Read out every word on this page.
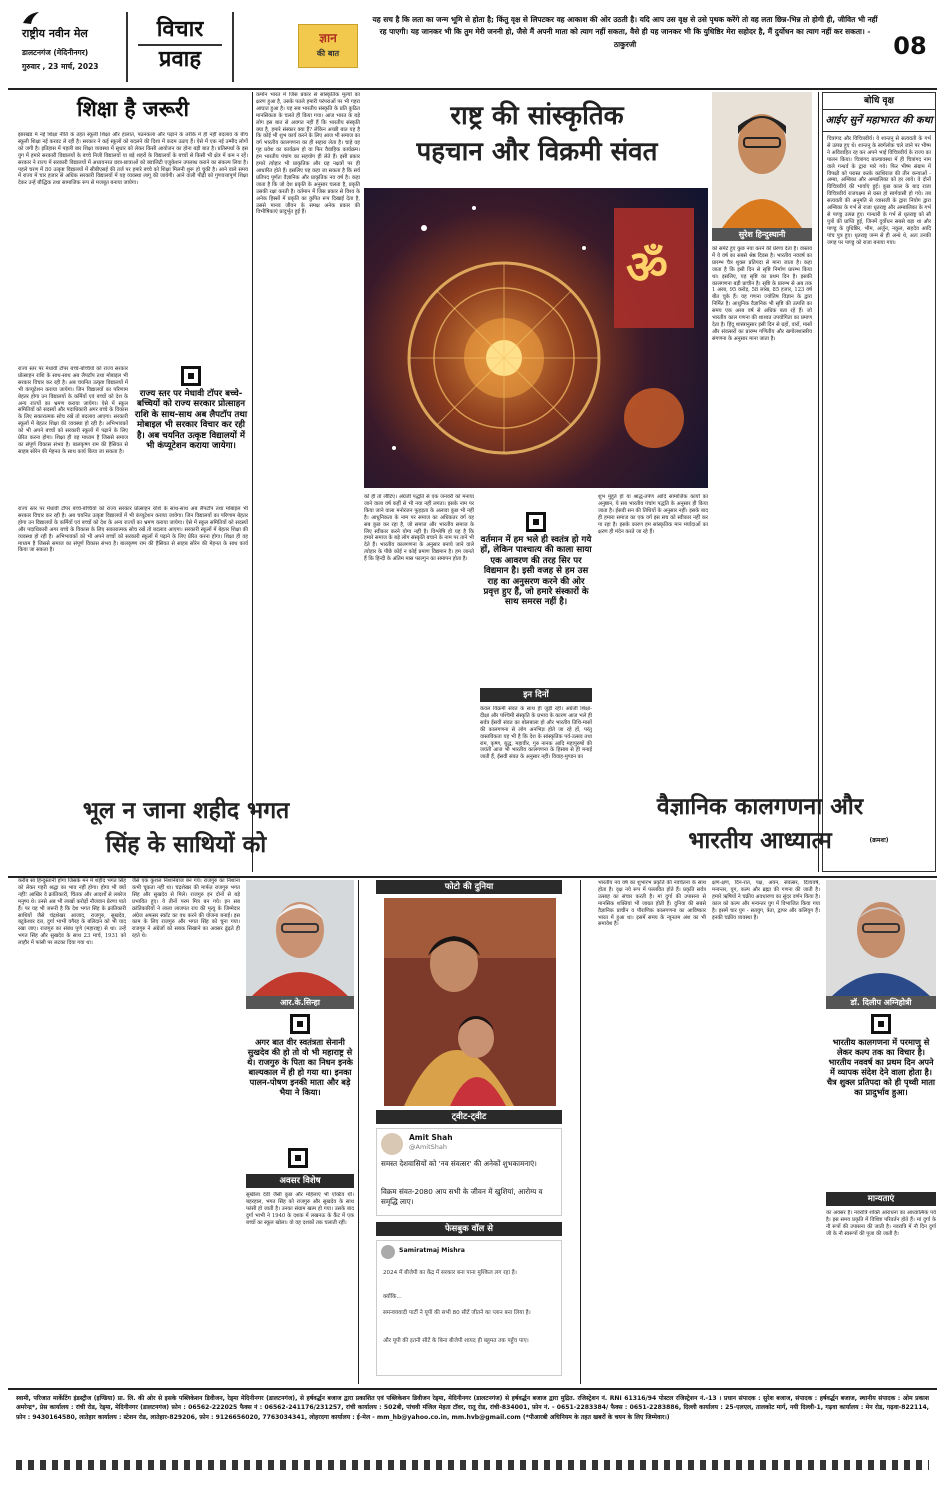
राष्ट्रीय नवीन मेल
डालटनगंज (मेदिनीनगर)
गुरुवार , 23 मार्च, 2023
विचार
प्रवाह
ज्ञान
की बात
यह सच है कि लता का जन्म भूमि से होता है; किंतु वृक्ष से लिपटकर वह आकाश की ओर उठती है। यदि आप उस वृक्ष से उसे पृथक करेंगे तो वह लता छिन्न-भिन्न तो होगी ही, जीवित भी नहीं रह पाएगी। यह जानकर भी कि तुम मेरी जननी हो, जैसे मैं अपनी माता को त्याग नहीं सकता, वैसे ही यह जानकर भी कि युधिष्ठिर मेरा सहोदर है, मैं दुर्योधन का त्याग नहीं कर सकता। - ठाकुरजी	08
शिक्षा है जरूरी
झारखंड में नई शिक्षा नीति के तहत स्कूली शिक्षा और हालात, पठनकला और पढ़ाने के तरीके में ही नहीं बदलाव के बीच स्कूली शिक्षा नई करवट ले रही है। सरकार ने कई स्कूलों को बदलने की दिशा में कदम उठाए हैं। ऐसे में एक नई उम्मीद लोगों को जगी है। इतिहास में पहली बार शिक्षा व्यवस्था में सुधार को लेकर किसी आयोजन का होना बड़ी बात है। प्रतिस्पर्धा के इस युग में हमारे सरकारी विद्यालयों के बच्चे निजी विद्यालयों या बड़े शहरों के विद्यालयों के बच्चों से किसी भी क्षेत्र में कम न रहें। सरकार ने राज्य में सरकारी विद्यालयों में अध्ययनरत छात्र-छात्राओं को क्वालिटी एजुकेशन उपलब्ध कराने का संकल्प लिया है। पहले चरण में 80 उत्कृष्ट विद्यालयों में सीबीएसई की तर्ज पर हमारे बच्चे को शिक्षा मिलनी शुरू हो चुकी है। आने वाले समय में राज्य में चार हजार से अधिक सरकारी विद्यालयों में यह व्यवस्था लागू की जायेगी। आने वाली पीढ़ी को गुणवत्तापूर्ण शिक्षा देकर उन्हें बौद्धिक तथा सामाजिक रूप से मजबूत बनाया जायेगा।
राज्य स्तर पर मेधावी टॉपर बच्चे-बच्चियों को राज्य सरकार प्रोत्साहन राशि के साथ-साथ अब लैपटॉप तथा मोबाइल भी सरकार विचार कर रही है। अब चयनित उत्कृष्ट विद्यालयों में भी कंप्यूटेशन कराया जायेगा। जिन विद्यालयों का परिणाम बेहतर होगा उन विद्यालयों के कर्मियों एवं बच्चों को देश के अन्य राज्यों का भ्रमण कराया जायेगा। ऐसे में स्कूल समितियों को सदस्यों और पदाधिकारी अगर बच्चे के विकास के लिए सकारात्मक सोच रखें तो बदलाव आएगा। सरकारी स्कूलों में बेहतर शिक्षा की व्यवस्था हो रही है। अभिभावकों को भी अपने बच्चों को सरकारी स्कूलों में पढ़ाने के लिए प्रेरित करना होगा। शिक्षा ही वह माध्यम है जिससे समाज का संपूर्ण विकास संभव है। बालकृष्ण राम की हैसियत से साहब सोरेन की मेहनत के साथ कार्य किया जा सकता है।
राज्य स्तर पर मेधावी टॉपर बच्चे-बच्चियों को राज्य सरकार प्रोत्साहन राशि के साथ-साथ अब लैपटॉप तथा मोबाइल भी सरकार विचार कर रही है। अब चयनित उत्कृष्ट विद्यालयों में भी कंप्यूटेशन कराया जायेगा।
राज्य स्तर पर मेधावी टॉपर बच्चे-बच्चियों को राज्य सरकार प्रोत्साहन राशि के साथ-साथ अब लैपटॉप तथा मोबाइल भी सरकार विचार कर रही है। अब चयनित उत्कृष्ट विद्यालयों में भी कंप्यूटेशन कराया जायेगा। जिन विद्यालयों का परिणाम बेहतर होगा उन विद्यालयों के कर्मियों एवं बच्चों को देश के अन्य राज्यों का भ्रमण कराया जायेगा। ऐसे में स्कूल समितियों को सदस्यों और पदाधिकारी अगर बच्चे के विकास के लिए सकारात्मक सोच रखें तो बदलाव आएगा। सरकारी स्कूलों में बेहतर शिक्षा की व्यवस्था हो रही है। अभिभावकों को भी अपने बच्चों को सरकारी स्कूलों में पढ़ाने के लिए प्रेरित करना होगा। शिक्षा ही वह माध्यम है जिससे समाज का संपूर्ण विकास संभव है। बालकृष्ण राम की हैसियत से साहब सोरेन की मेहनत के साथ कार्य किया जा सकता है।
कर्मान भारत में जिस प्रकार से सांस्कृतिक मूल्यों का क्षरण हुआ है, उसके पतले हमारी परंपराओं पर भी गहरा आघात हुआ है। यह सब भारतीय संस्कृति के प्रति कुठित मानसिकता के चलते ही किया गया। आज भारत के बड़े लोग इस बात से अवगत नहीं हैं कि भारतीय संस्कृति क्या है, हमारे संस्कार क्या हैं? लेकिन अच्छी बात यह है कि कोई भी शुभ कार्य करने के लिए आज भी समाज का वर्ग भारतीय कालगणना का ही सहारा लेता है। चाहे वह गृह प्रवेश का कार्यक्रम हो या फिर वैवाहिक कार्यक्रम। हम भारतीय पंचांग का सहयोग ही लेते हैं। इसी प्रकार हमारे त्योहार भी प्राकृतिक और ग्रह नक्षत्रों पर ही आधारित होते हैं। इसलिए यह कहा जा सकता है कि सर्व प्रतिपद पूर्णतः वैज्ञानिक और प्राकृतिक नव वर्ष है। कहा जाता है कि जो देश प्रकृति के अनुसार चलता है, प्रकृति उसकी रक्षा करती है। वर्तमान में जिस प्रकार से विश्व के अनेक हिस्सों में प्रकृति का कुपित रूप दिखाई देता है, उससे मानव जीवन के समक्ष अनेक प्रकार की विभीषिकाएं प्रादुर्भूत हुई हैं।
राष्ट्र की सांस्कृतिक
पहचान और विक्रमी संवत
ॐ
को ही तो लौटिए। अंग्रेजी पद्धति से एक जनवरी को मनाया जाने वाला वर्ष कहीं से भी नया नहीं लगता। इसके नाम पर किया जाने वाला मनोरंजन फूहड़ता के अलावा कुछ भी नहीं है। आधुनिकता के नाम पर समाज का अधिकतर वर्ग यह सब कुछ कर रहा है, जो समाज और भारतीय समाज के लिए स्वीकार करने योग्य नहीं है। विश्लेषि हो यह है कि हमारे समाज के बड़े लोग संस्कृति बचाने के नाम पर ताने भी देते हैं। भारतीय कालगणना के अनुसार बनाये जाने वाले त्योहार के पीछे कोई न कोई प्रमाण विद्यमान है। हम जानते हैं कि हिन्दी के अंतिम मास फाल्गुन का समापन होता है।
वर्तमान में हम भले ही स्वतंत्र हो गये हों, लेकिन पाश्चात्य की काला साया एक आवरण की तरह सिर पर विद्यमान है। इसी वजह से हम उस राह का अनुसरण करने की ओर प्रवृत्त हुए हैं, जो हमारे संस्कारों के साथ समरस नहीं है।
इन दिनों
केवल विक्रमी संवत के साथ ही जुड़ी रही। अंग्रेजी शिक्षा-दीक्षा और पश्चिमी संस्कृति के प्रभाव के कारण आज भले ही सर्वत्र ईसवी संवत का बोलबाला हो और भारतीय तिथि-मासों की कालगणना से लोग अनभिज्ञ होते जा रहे हों, परंतु वास्तविकता यह भी है कि देश के सांस्कृतिक पर्व-उत्सव तथा राम, कृष्ण, बुद्ध, महावीर, गुरु नानक आदि महापुरुषों की जयंती आज भी भारतीय कालगणना के हिसाब से ही मनाई जाती हैं, ईसवी संवत के अनुसार नहीं। विवाह-मुण्डन का
शुभ मुहूर्त हो या श्राद्ध-तर्पण आदि सामाजिक कार्यों का अनुष्ठान, ये सब भारतीय पंचांग पद्धति के अनुसार ही किया जाता है। ईसवी सन की तिथियों के अनुसार नहीं। इसके बाद ही हमारा समाज का एक वर्ग इस सच को स्वीकार नहीं कर पा रहा है। इसके कारण हम सांस्कृतिक मान मर्यादाओं का क्षरण ही मंदेन करते जा रहे हैं।
सुरेश हिन्दुस्थानी
को समेटे हुए कुछ नया करने की प्रेरणा देता है। वास्तव में ये वर्ष का सबसे श्रेष्ठ दिवस है। भारतीय नववर्ष का प्रारम्भ चैत्र शुक्ल प्रतिपदा से माना जाता है। कहा जाता है कि इसी दिन से सृष्टि निर्माण प्रारम्भ किया था। इसलिए, यह सृष्टि का प्रथम दिन है। इसकी कालगणना बड़ी प्राचीन है। सृष्टि के प्रारम्भ से अब तक 1 अरब, 95 करोड़, 58 लाख, 85 हजार, 123 वर्ष बीत चुके हैं। यह गणना ज्योतिष विज्ञान के द्वारा निर्मित है। आधुनिक वैज्ञानिक भी सृष्टि की उत्पत्ति का समय एक अरब वर्ष से अधिक बता रहे हैं। जो भारतीय काल गणना की शाश्वत उपयोगिता का प्रमाण देता है। हिंदू शास्त्रानुसार इसी दिन से ग्रहों, वारों, मासों और संवत्सरों का प्रारम्भ गणितीय और खगोलशास्त्रीय संगणना के अनुसार माना जाता है।
बोधि वृक्ष
आईए सुनें महाभारत की कथा
चित्रांगद और विचित्रवीर्य। ये शान्तनु से सत्यवती के गर्भ से उत्पन्न हुए थे। शान्तनु के स्वर्गलोक चले जाने पर भीष्म ने अविवाहित रह कर अपने भाई विचित्रवीर्य के राज्य का पालन किया। चित्रांगद बाल्यावस्था में ही चित्रांगद नाम वाले गन्धर्व के द्वारा मारे गये। फिर भीष्म संग्राम में विपक्षी को परास्त करके काशिराज की तीन कन्याओं - अम्बा, अम्बिका और अम्बालिका को हर लाये। वे दोनों विचित्रवीर्य की भार्याएं हुईं। कुछ काल के बाद राजा विचित्रवीर्य राजयक्ष्मा से ग्रस्त हो स्वर्गवासी हो गये। तब सत्यवती की अनुमति से व्यासजी के द्वारा नियोग द्वारा अम्बिका के गर्भ से राजा धृतराष्ट्र और अम्बालिका के गर्भ से पाण्डु उत्पन्न हुए। गान्धारी के गर्भ से धृतराष्ट्र को सौ पुत्रों की प्राप्ति हुई, जिनमें दुर्योधन सबसे बड़ा था और पाण्डु के युधिष्ठिर, भीम, अर्जुन, नकुल, सहदेव आदि पांच पुत्र हुए। धृतराष्ट्र जन्म से ही अन्धे थे, अतः उनकी जगह पर पाण्डु को राजा बनाया गया।
(क्रमशः)
भूल न जाना शहीद भगत
सिंह के साथियों को
करीब सा हिन्दुस्तानी होगा जिसके मन में शहीद भगत सिंह को लेकर गहरी श्रद्धा का भाव नहीं होगा। होगा भी क्यों नहीं! आखिर वे क्रांतिकारी, चिंतक और आदर्शों से लबरेज मनुष्य थे। उनसे अब भी लाखों करोड़ों नौजवान प्रेरणा पाते हैं। पर यह भी जरूरी है कि देश भगत सिंह के क्रांतिकारी साथियों जैसे चंद्रशेखर आजाद, राजगुरु, सुखदेव, बटुकेश्वर दत्त, दुर्गा भाभी वगैरह के बलिदान को भी याद रखा जाए। राजगुरु का संबंध पुणे (महाराष्ट्र) से था। उन्हें भगत सिंह और सुखदेव के साथ 23 मार्च, 1931 को लाहौर में फांसी पर लटका दिया गया था।
जैसे एक कुशल निशानेबाज बन गये। राजगुरु का निशाना कभी चूकता नहीं था। चंद्रशेखर की मार्फत राजगुरु भगत सिंह और सुखदेव से मिले। राजगुरु इन दोनों से बड़े प्रभावित हुए। ये तीनों परम मित्र बन गये। इन सब क्रांतिकारियों ने लाला लाजपत राय की मृत्यु के जिम्मेदार अंग्रेज अफसर स्कॉट का वध करने की योजना बनाई। इस काम के लिए राजगुरु और भगत सिंह को चुना गया। राजगुरु ने अंग्रेजों को सबक सिखाने का अवसर ढूंढ़ते ही रहते थे।
आर.के.सिन्हा
अगर बात वीर स्वतंत्रता सेनानी सुखदेव की हो तो वो भी महाराष्ट्र से थे। राजगुरु के पिता का निधन इनके बाल्यकाल में ही हो गया था। इनका पालन-पोषण इनकी माता और बड़े भैया ने किया।
अवसर विशेष
सुखीला देवी जैसी कुछ और महिलाएं भी एक्टिव थीं। बहरहाल, भगत सिंह को राजगुरु और सुखदेव के साथ फांसी हो जाती है। उनका संग्राम खत्म हो गया। उसके बाद दुर्गा भाभी ने 1940 के दशक में लखनऊ के कैंट में एक बच्चों का स्कूल खोला। वो वह दशकों तक चलाती रहीं।
फोटो की दुनिया
ट्वीट-ट्वीट
Amit Shah
@AmitShah
समस्त देशवासियों को 'नव संवत्सर' की अनेकों शुभकामनाएं।
विक्रम संवत-2080 आप सभी के जीवन में खुशियां, आरोग्य व समृद्धि लाए।
फेसबुक वॉल से
Samiratmaj Mishra
2024 में बीजेपी का केंद्र में सरकार बना पाना मुश्किल लग रहा है।
क्योंकि...
समन्वयवादी पार्टी ने यूपी की सभी 80 सीटें जीतने का प्लान बना लिया है।
और यूपी की इतनी सीटें के बिना बीजेपी शायद ही बहुमत तक पहुँच पाए।
वैज्ञानिक कालगणना और
भारतीय आध्यात्म
भारतीय नव वर्ष का शुभारंभ प्रकृति की नवचेतना के साथ होता है। वृक्ष नये रूप में पल्लवित होते हैं। प्रकृति सर्वत्र उत्साह का संचार करती है। मां दुर्गा की उपासना से मानसिक शक्तियां भी जाग्रत होती हैं। दुनिया की सबसे वैज्ञानिक प्राचीन व पौराणिक कालगणना का आविष्कार भारत में हुआ था। इसमें समय के न्यूनतम अंश का भी समावेश है।
क्षण-क्षण, दिन-रात, पक्ष, अयन, संवत्सर, दिव्यवर्ष, मन्वन्तर, युग, कल्प और ब्रह्मा की गणना की जाती है। हमारे ऋषियों ने चक्रीय अवधारणा का सुंदर वर्णन किया है। काल को कल्प और मन्वन्तर युग में विभाजित किया गया है। इसमें चार युग - सतयुग, त्रेता, द्वापर और कलियुग हैं। इनकी चक्रीय व्यवस्था है।
डॉ. दिलीप अग्निहोत्री
भारतीय कालगणना में परमाणु से लेकर कल्प तक का विचार है। भारतीय नववर्ष का प्रथम दिन अपने में व्यापक संदेश देने वाला होता है। चैत्र शुक्ल प्रतिपदा को ही पृथ्वी माता का प्रादुर्भाव हुआ।
मान्यताएं
का अवसर है। नवरात्रि शक्ति आराधना का आध्यात्मिक पर्व है। इस समय प्रकृति में विशिष्ट परिवर्तन होते हैं। मां दुर्गा के नौ रूपों की उपासना की जाती है। नवरात्रि में नौ दिन दुर्गा जी के नौ स्वरूपों की पूजा की जाती है।
स्वामी, परिजात मार्केटिंग इंडस्ट्रीज (इण्डिया) प्रा. लि. की ओर से इसके पब्लिकेशन डिवीजन, रेड्मा मेदिनीनगर (डालटनगंज), से हर्षवर्द्धन बजाज द्वारा प्रकाशित एवं पब्लिकेशन डिवीजन रेड्मा, मेदिनीनगर (डालटनगंज) से हर्षवर्द्धन बजाज द्वारा मुद्रित. रजिस्ट्रेशन नं. RNI 61316/94 पोस्टल रजिस्ट्रेशन नं.-13 । प्रधान संपादक : सुरेश बजाज, संपादक : हर्षवर्द्धन बजाज, स्थानीय संपादक : ओम प्रकाश अमरेन्द्र*, प्रेस कार्यालय : रांची रोड, रेड्मा, मेदिनीनगर (डालटनगंज) फ़ोन : 06562-222025 फैक्स नं : 06562-241176/231257, रांची कार्यालय : 502बी, पांचवी मंजिल मेहता टॉवर, रातू रोड, रांची-834001, फ़ोन नं. - 0651-2283384/ फैक्स : 0651-2283886, दिल्ली कार्यालय : 25-एलएल, तालकोट मार्ग, नयी दिल्ली-1, गढ़वा कार्यालय : मेन रोड, गढ़वा-822114, फ़ोन : 9430164580, लातेहार कार्यालय : स्टेशन रोड, लातेहार-829206, फ़ोन : 9126656020, 7763034341, लोहरदगा कार्यालय : ई-मेल - mm_hb@yahoo.co.in, mm.hvb@gmail.com (*पीआरबी अधिनियम के तहत खबरों के चयन के लिए जिम्मेवार।)
